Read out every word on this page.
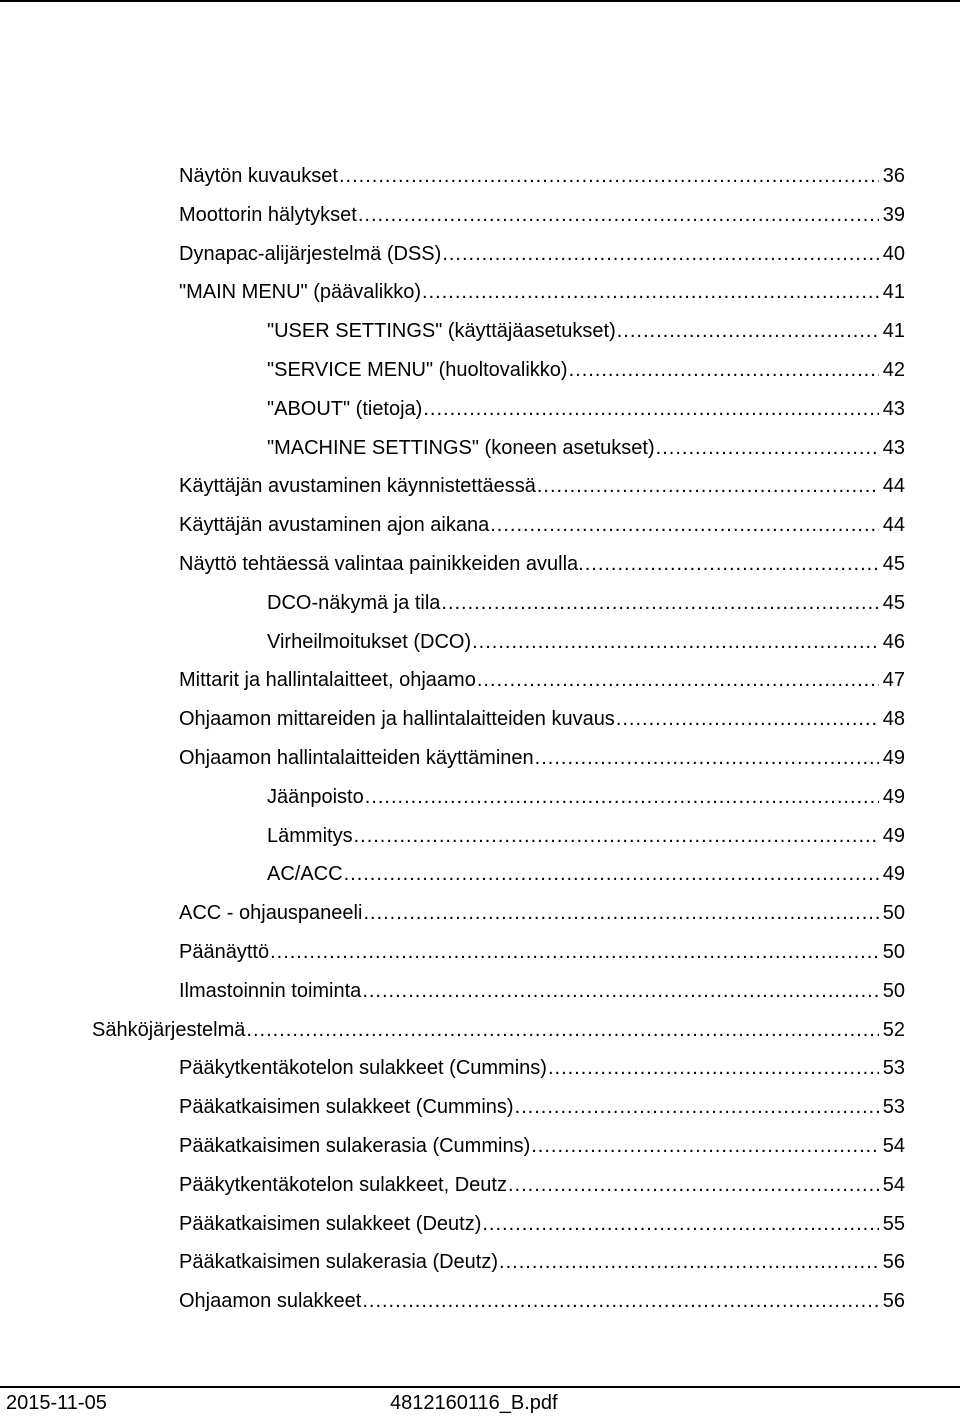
Näytön kuvaukset .....	36
Moottorin hälytykset .....	39
Dynapac-alijärjestelmä (DSS) .....	40
"MAIN MENU" (päävalikko) .....	41
"USER SETTINGS" (käyttäjäasetukset) .....	41
"SERVICE MENU" (huoltovalikko) .....	42
"ABOUT" (tietoja) .....	43
"MACHINE SETTINGS" (koneen asetukset) .....	43
Käyttäjän avustaminen käynnistettäessä .....	44
Käyttäjän avustaminen ajon aikana .....	44
Näyttö tehtäessä valintaa painikkeiden avulla. .....	45
DCO-näkymä ja tila .....	45
Virheilmoitukset (DCO) .....	46
Mittarit ja hallintalaitteet, ohjaamo .....	47
Ohjaamon mittareiden ja hallintalaitteiden kuvaus .....	48
Ohjaamon hallintalaitteiden käyttäminen .....	49
Jäänpoisto .....	49
Lämmitys .....	49
AC/ACC .....	49
ACC - ohjauspaneeli .....	50
Päänäyttö .....	50
Ilmastoinnin toiminta .....	50
Sähköjärjestelmä .....	52
Pääkytkentäkotelon sulakkeet (Cummins) .....	53
Pääkatkaisimen sulakkeet (Cummins) .....	53
Pääkatkaisimen sulakerasia (Cummins) .....	54
Pääkytkentäkotelon sulakkeet, Deutz .....	54
Pääkatkaisimen sulakkeet (Deutz) .....	55
Pääkatkaisimen sulakerasia (Deutz) .....	56
Ohjaamon sulakkeet .....	56
2015-11-05	4812160116_B.pdf
